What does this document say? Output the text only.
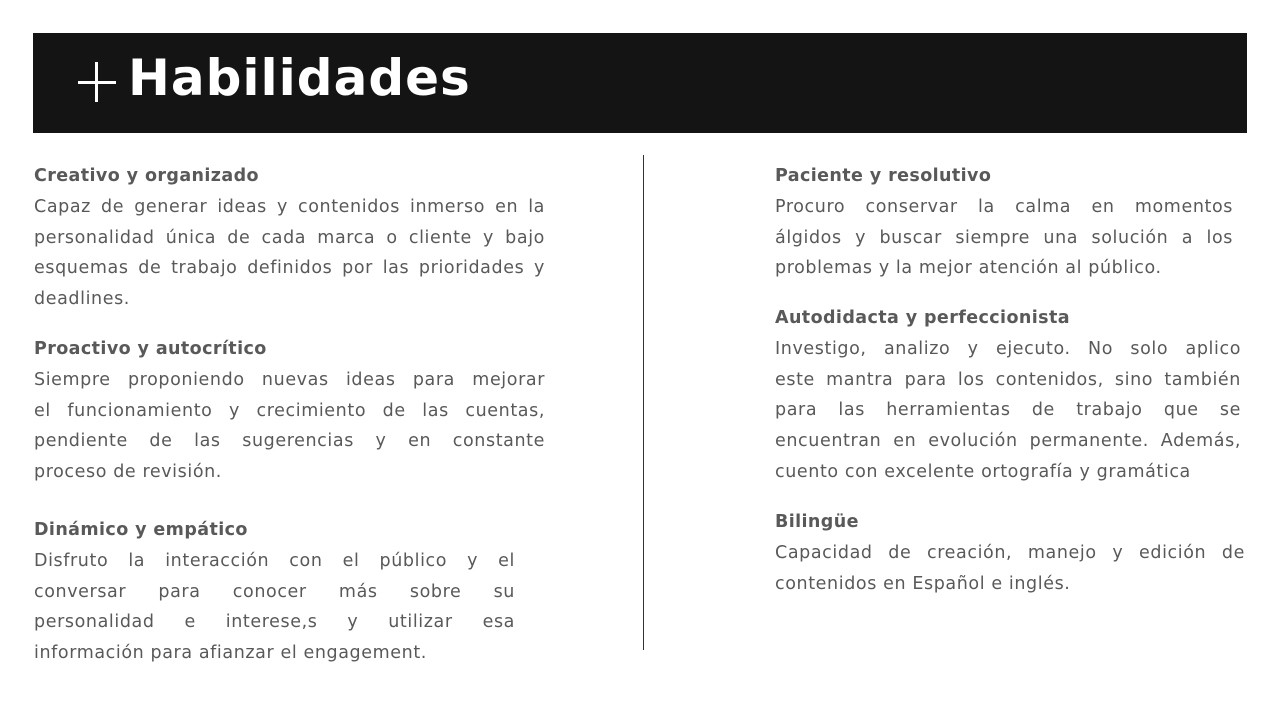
Habilidades
Creativo y organizado
Capaz de generar ideas y contenidos inmerso en la
personalidad única de cada marca o cliente y bajo
esquemas de trabajo definidos por las prioridades y
deadlines.
Proactivo y autocrítico
Siempre proponiendo nuevas ideas para mejorar
el funcionamiento y crecimiento de las cuentas,
pendiente de las sugerencias y en constante
proceso de revisión.
Dinámico y empático
Disfruto la interacción con el público y el
conversar para conocer más sobre su
personalidad e interese,s y utilizar esa
información para afianzar el engagement.
Paciente y resolutivo
Procuro conservar la calma en momentos
álgidos y buscar siempre una solución a los
problemas y la mejor atención al público.
Autodidacta y perfeccionista
Investigo, analizo y ejecuto. No solo aplico
este mantra para los contenidos, sino también
para las herramientas de trabajo que se
encuentran en evolución permanente. Además,
cuento con excelente ortografía y gramática
Bilingüe
Capacidad de creación, manejo y edición de
contenidos en Español e inglés.
